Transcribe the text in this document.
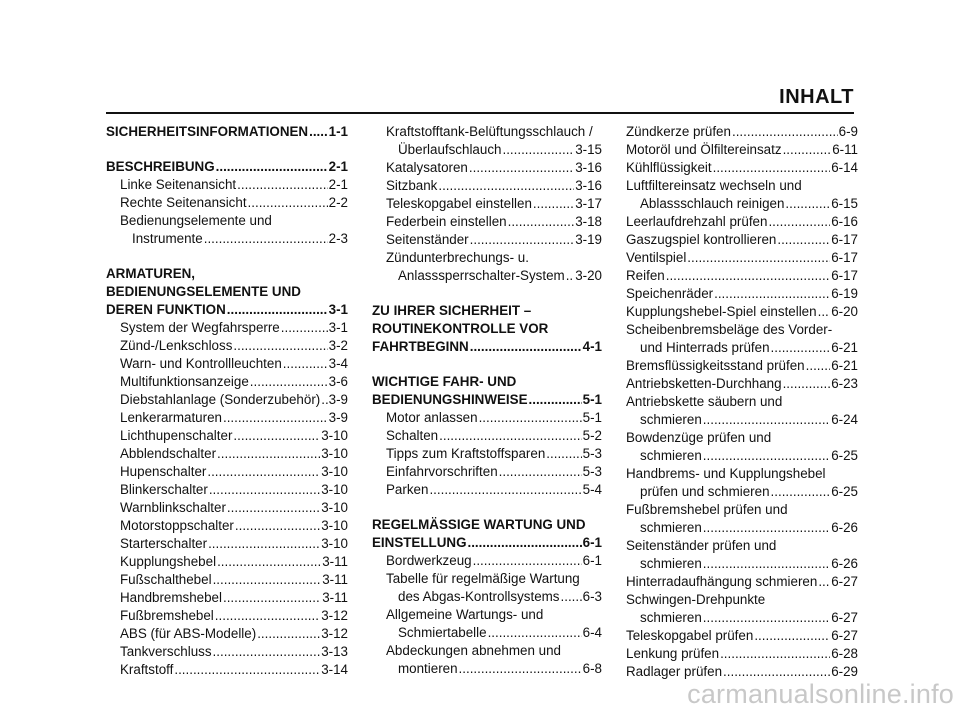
INHALT
SICHERHEITSINFORMATIONEN ..... 1-1
BESCHREIBUNG .....	2-1
Linke Seitenansicht .....	2-1
Rechte Seitenansicht .....	2-2
Bedienungselemente und
Instrumente .....	2-3
ARMATUREN,
BEDIENUNGSELEMENTE UND
DEREN FUNKTION .....	3-1
System der Wegfahrsperre .....	3-1
Zünd-/Lenkschloss .....	3-2
Warn- und Kontrollleuchten .....	3-4
Multifunktionsanzeige .....	3-6
Diebstahlanlage (Sonderzubehör) ..... 3-9
Lenkerarmaturen .....	3-9
Lichthupenschalter .....	3-10
Abblendschalter .....	3-10
Hupenschalter .....	3-10
Blinkerschalter .....	3-10
Warnblinkschalter .....	3-10
Motorstoppschalter .....	3-10
Starterschalter .....	3-10
Kupplungshebel .....	3-11
Fußschalthebel .....	3-11
Handbremshebel .....	3-11
Fußbremshebel .....	3-12
ABS (für ABS-Modelle) .....	3-12
Tankverschluss .....	3-13
Kraftstoff .....	3-14
Kraftstofftank-Belüftungsschlauch /
Überlaufschlauch .....	3-15
Katalysatoren .....	3-16
Sitzbank .....	3-16
Teleskopgabel einstellen .....	3-17
Federbein einstellen .....	3-18
Seitenständer .....	3-19
Zündunterbrechungs- u.
Anlasssperrschalter-System ..... 3-20
ZU IHRER SICHERHEIT –
ROUTINEKONTROLLE VOR
FAHRTBEGINN .....	4-1
WICHTIGE FAHR- UND
BEDIENUNGSHINWEISE .....	5-1
Motor anlassen .....	5-1
Schalten .....	5-2
Tipps zum Kraftstoffsparen .....	5-3
Einfahrvorschriften .....	5-3
Parken .....	5-4
REGELMÄSSIGE WARTUNG UND
EINSTELLUNG .....	6-1
Bordwerkzeug .....	6-1
Tabelle für regelmäßige Wartung
des Abgas-Kontrollsystems ..... 6-3
Allgemeine Wartungs- und
Schmiertabelle .....	6-4
Abdeckungen abnehmen und
montieren .....	6-8
Zündkerze prüfen .....	6-9
Motoröl und Ölfiltereinsatz .....	6-11
Kühlflüssigkeit .....	6-14
Luftfiltereinsatz wechseln und
Ablassschlauch reinigen .....	6-15
Leerlaufdrehzahl prüfen .....	6-16
Gaszugspiel kontrollieren .....	6-17
Ventilspiel .....	6-17
Reifen .....	6-17
Speichenräder .....	6-19
Kupplungshebel-Spiel einstellen ..... 6-20
Scheibenbremsbeläge des Vorder-
und Hinterrads prüfen .....	6-21
Bremsflüssigkeitsstand prüfen ..... 6-21
Antriebsketten-Durchhang .....	6-23
Antriebskette säubern und
schmieren .....	6-24
Bowdenzüge prüfen und
schmieren .....	6-25
Handbrems- und Kupplungshebel
prüfen und schmieren .....	6-25
Fußbremshebel prüfen und
schmieren .....	6-26
Seitenständer prüfen und
schmieren .....	6-26
Hinterradaufhängung schmieren ..... 6-27
Schwingen-Drehpunkte
schmieren .....	6-27
Teleskopgabel prüfen .....	6-27
Lenkung prüfen .....	6-28
Radlager prüfen .....	6-29
carmanualsonline.info
